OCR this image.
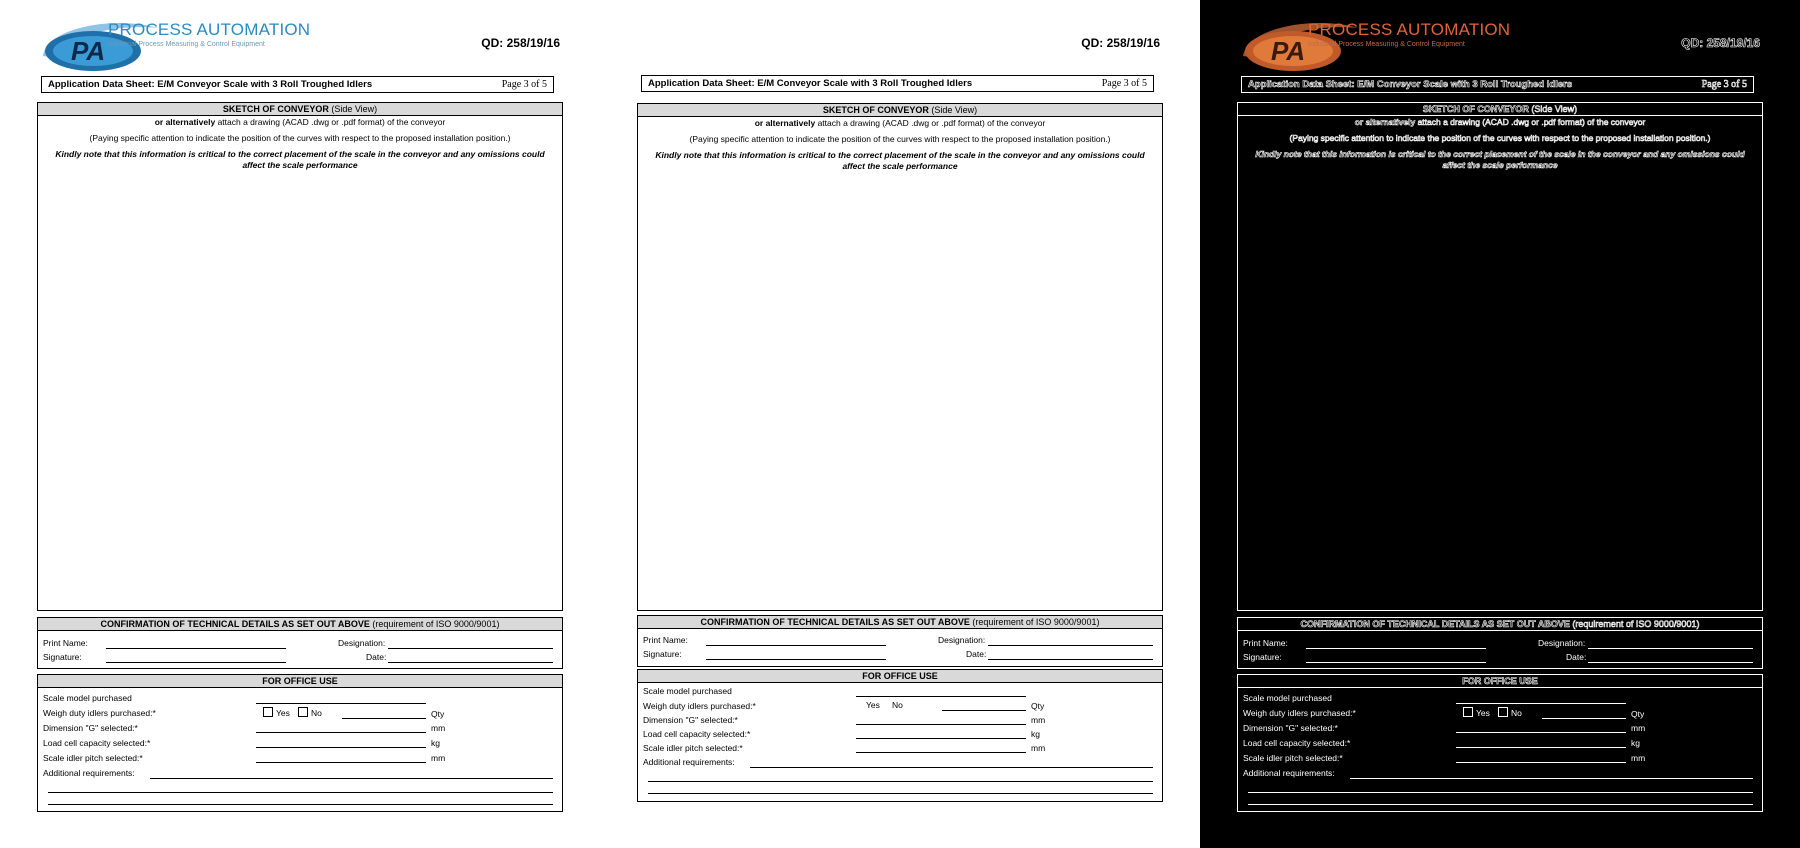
PA
PROCESS AUTOMATION
Industrial Process Measuring & Control Equipment	QD: 258/19/16
Application Data Sheet: E/M Conveyor Scale with 3 Roll Troughed Idlers	Page 3 of 5
SKETCH OF CONVEYOR (Side View)
or alternatively attach a drawing (ACAD .dwg or .pdf format) of the conveyor
(Paying specific attention to indicate the position of the curves with respect to the proposed installation position.)
Kindly note that this information is critical to the correct placement of the scale in the conveyor and any omissions could affect the scale performance
CONFIRMATION OF TECHNICAL DETAILS AS SET OUT ABOVE (requirement of ISO 9000/9001)
Print Name:	Designation:
Signature:	Date:
FOR OFFICE USE
Scale model purchased
Weigh duty idlers purchased:*	Yes	No	Qty
Dimension "G" selected:*	mm
Load cell capacity selected:*	kg
Scale idler pitch selected:*	mm
Additional requirements:
QD: 258/19/16
Application Data Sheet: E/M Conveyor Scale with 3 Roll Troughed Idlers	Page 3 of 5
SKETCH OF CONVEYOR (Side View)
or alternatively attach a drawing (ACAD .dwg or .pdf format) of the conveyor
(Paying specific attention to indicate the position of the curves with respect to the proposed installation position.)
Kindly note that this information is critical to the correct placement of the scale in the conveyor and any omissions could affect the scale performance
CONFIRMATION OF TECHNICAL DETAILS AS SET OUT ABOVE (requirement of ISO 9000/9001)
Print Name:	Designation:
Signature:	Date:
FOR OFFICE USE
Scale model purchased
Weigh duty idlers purchased:*	Yes No	Qty
Dimension "G" selected:*	mm
Load cell capacity selected:*	kg
Scale idler pitch selected:*	mm
Additional requirements:
PA
PROCESS AUTOMATION
Industrial Process Measuring & Control Equipment	QD: 258/19/16
Application Data Sheet: E/M Conveyor Scale with 3 Roll Troughed Idlers	Page 3 of 5
SKETCH OF CONVEYOR (Side View)
or alternatively attach a drawing (ACAD .dwg or .pdf format) of the conveyor
(Paying specific attention to indicate the position of the curves with respect to the proposed installation position.)
Kindly note that this information is critical to the correct placement of the scale in the conveyor and any omissions could affect the scale performance
CONFIRMATION OF TECHNICAL DETAILS AS SET OUT ABOVE (requirement of ISO 9000/9001)
Print Name:	Designation:
Signature:	Date:
FOR OFFICE USE
Scale model purchased
Weigh duty idlers purchased:*	Yes	No	Qty
Dimension "G" selected:*	mm
Load cell capacity selected:*	kg
Scale idler pitch selected:*	mm
Additional requirements:
